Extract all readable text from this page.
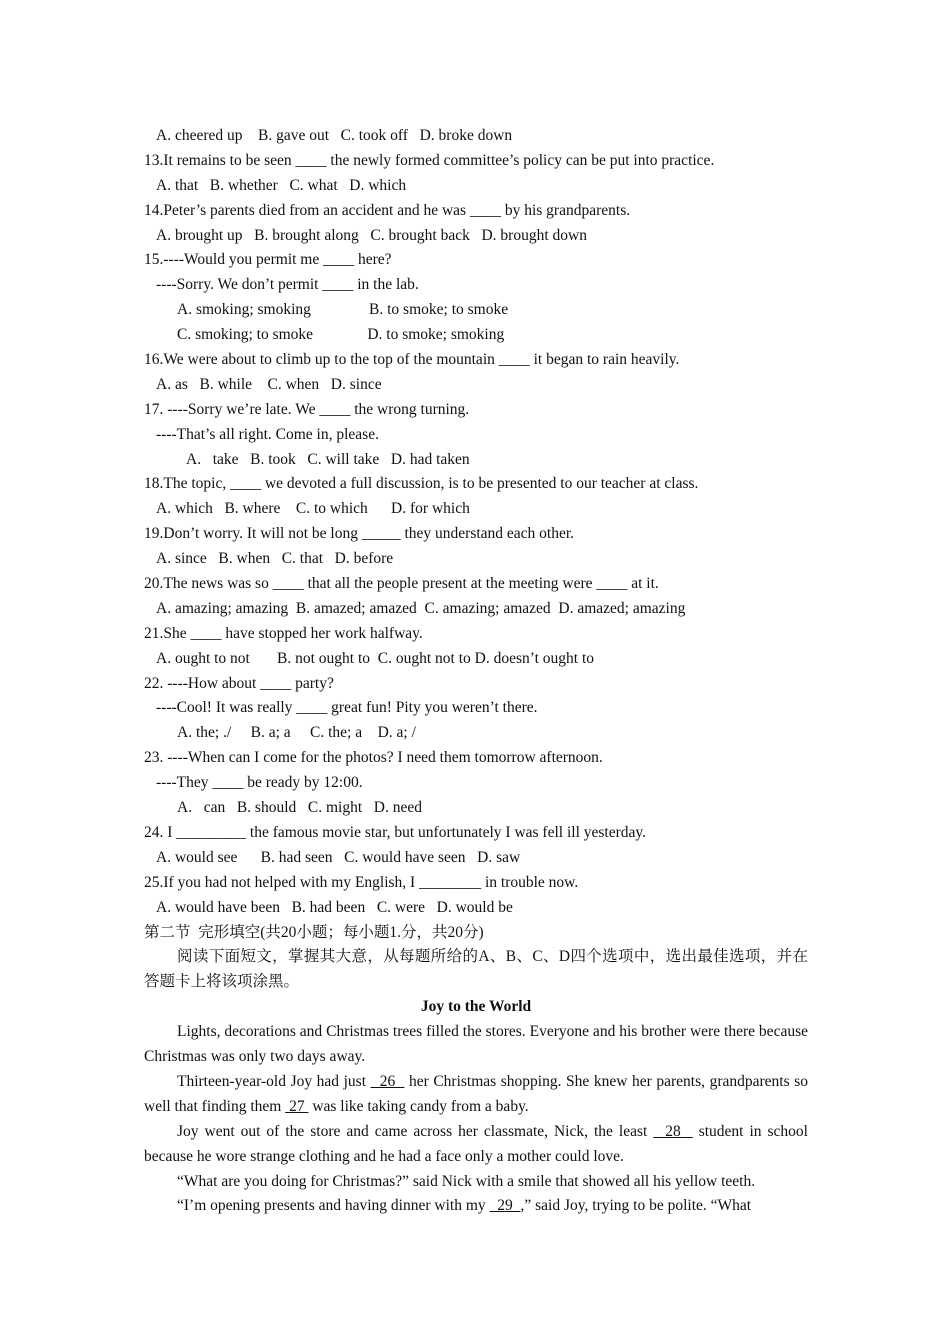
A. cheered up    B. gave out   C. took off   D. broke down
13.It remains to be seen ____ the newly formed committee’s policy can be put into practice.
A. that   B. whether   C. what   D. which
14.Peter’s parents died from an accident and he was ____ by his grandparents.
A. brought up   B. brought along   C. brought back   D. brought down
15.----Would you permit me ____ here?
----Sorry. We don’t permit ____ in the lab.
A. smoking; smoking               B. to smoke; to smoke
C. smoking; to smoke              D. to smoke; smoking
16.We were about to climb up to the top of the mountain ____ it began to rain heavily.
A. as   B. while    C. when   D. since
17. ----Sorry we’re late. We ____ the wrong turning.
----That’s all right. Come in, please.
A.   take   B. took   C. will take   D. had taken
18.The topic, ____ we devoted a full discussion, is to be presented to our teacher at class.
A. which   B. where    C. to which      D. for which
19.Don’t worry. It will not be long _____ they understand each other.
A. since   B. when   C. that   D. before
20.The news was so ____ that all the people present at the meeting were ____ at it.
A. amazing; amazing  B. amazed; amazed  C. amazing; amazed  D. amazed; amazing
21.She ____ have stopped her work halfway.
A. ought to not       B. not ought to  C. ought not to D. doesn’t ought to
22. ----How about ____ party?
----Cool! It was really ____ great fun! Pity you weren’t there.
A. the; ./     B. a; a     C. the; a    D. a; /
23. ----When can I come for the photos? I need them tomorrow afternoon.
----They ____ be ready by 12:00.
A.   can   B. should   C. might   D. need
24. I _________ the famous movie star, but unfortunately I was fell ill yesterday.
A. would see      B. had seen   C. would have seen   D. saw
25.If you had not helped with my English, I ________ in trouble now.
A. would have been   B. had been   C. were   D. would be
第二节  完形填空(共20小题；每小题1.分，共20分)
阅读下面短文，掌握其大意，从每题所给的A、B、C、D四个选项中，选出最佳选项，并在答题卡上将该项涂黑。
Joy to the World
Lights, decorations and Christmas trees filled the stores. Everyone and his brother were there because Christmas was only two days away.
Thirteen-year-old Joy had just   26   her Christmas shopping. She knew her parents, grandparents so well that finding them  27  was like taking candy from a baby.
Joy went out of the store and came across her classmate, Nick, the least   28   student in school because he wore strange clothing and he had a face only a mother could love.
“What are you doing for Christmas?” said Nick with a smile that showed all his yellow teeth.
“I’m opening presents and having dinner with my   29  ,” said Joy, trying to be polite. “What
